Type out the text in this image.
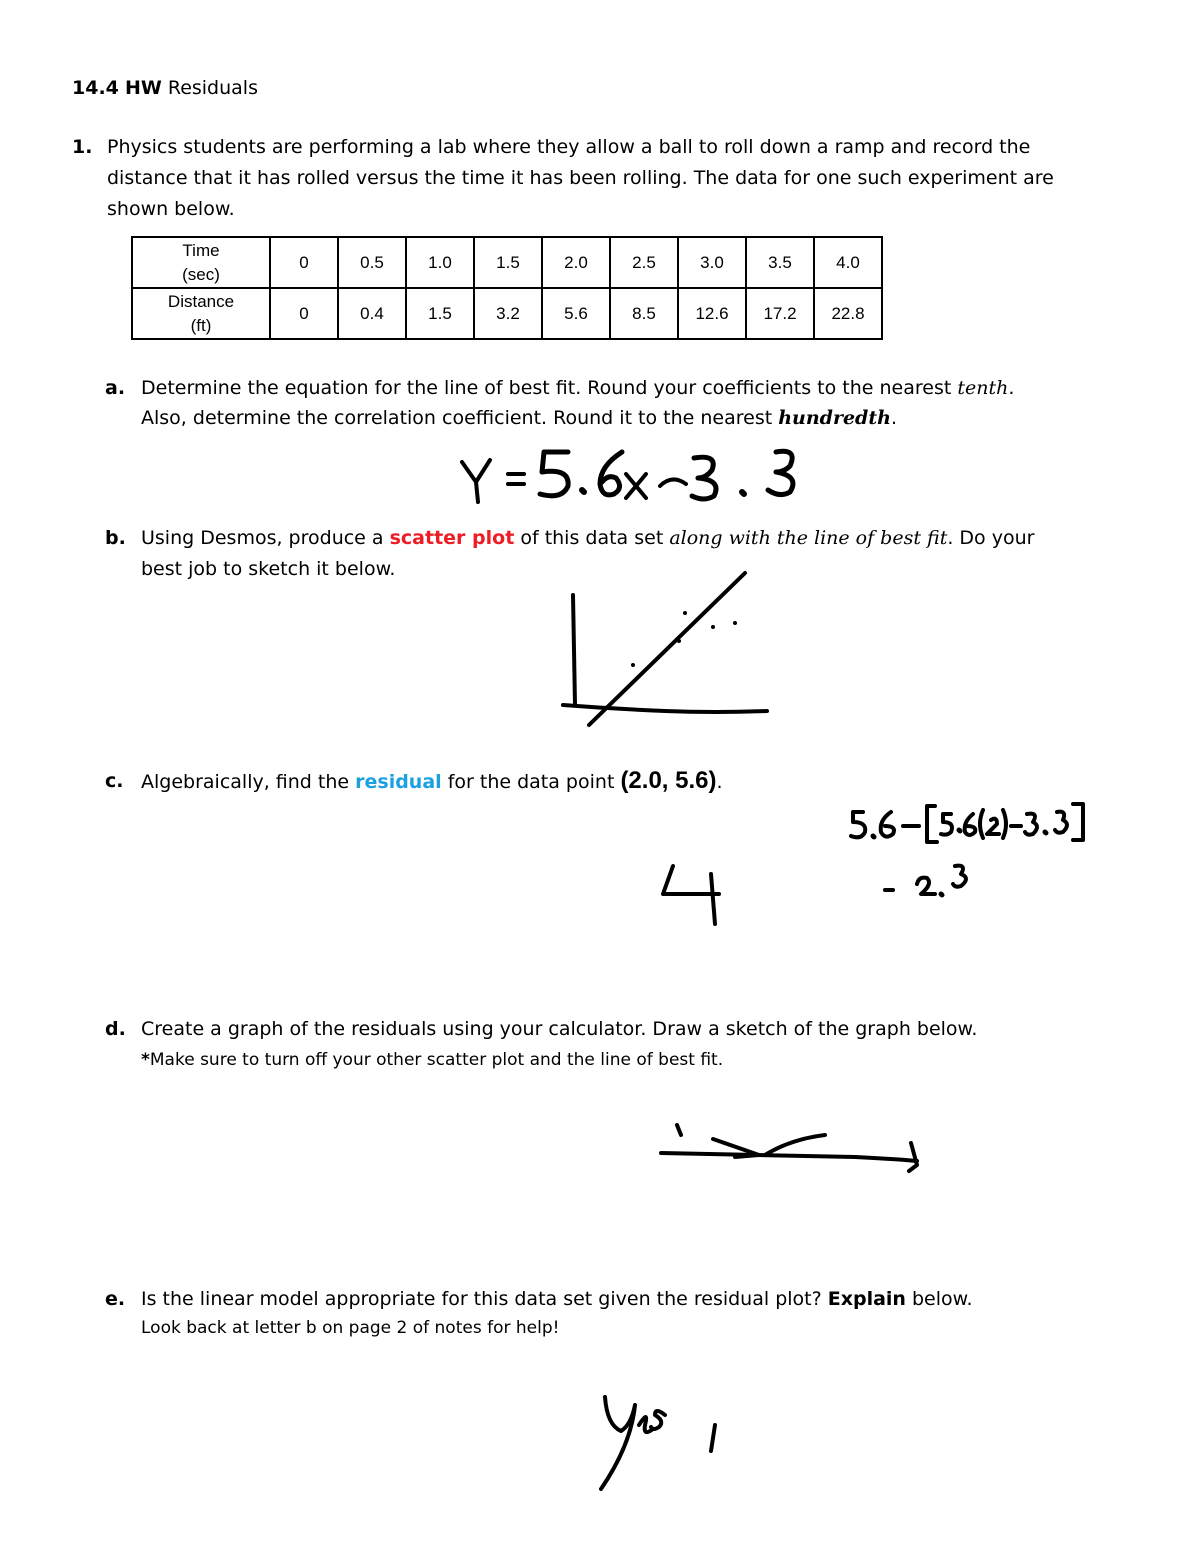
14.4 HW Residuals
1. Physics students are performing a lab where they allow a ball to roll down a ramp and record the
distance that it has rolled versus the time it has been rolling. The data for one such experiment are
shown below.
Time
(sec)	0	0.5	1.0	1.5	2.0	2.5	3.0	3.5	4.0

Distance
(ft)	0	0.4	1.5	3.2	5.6	8.5	12.6	17.2	22.8
a. Determine the equation for the line of best fit. Round your coefficients to the nearest tenth.
Also, determine the correlation coefficient. Round it to the nearest hundredth.
b. Using Desmos, produce a scatter plot of this data set along with the line of best fit. Do your
best job to sketch it below.
c. Algebraically, find the residual for the data point (2.0, 5.6).
d. Create a graph of the residuals using your calculator. Draw a sketch of the graph below.
*Make sure to turn off your other scatter plot and the line of best fit.
e. Is the linear model appropriate for this data set given the residual plot? Explain below.
Look back at letter b on page 2 of notes for help!
